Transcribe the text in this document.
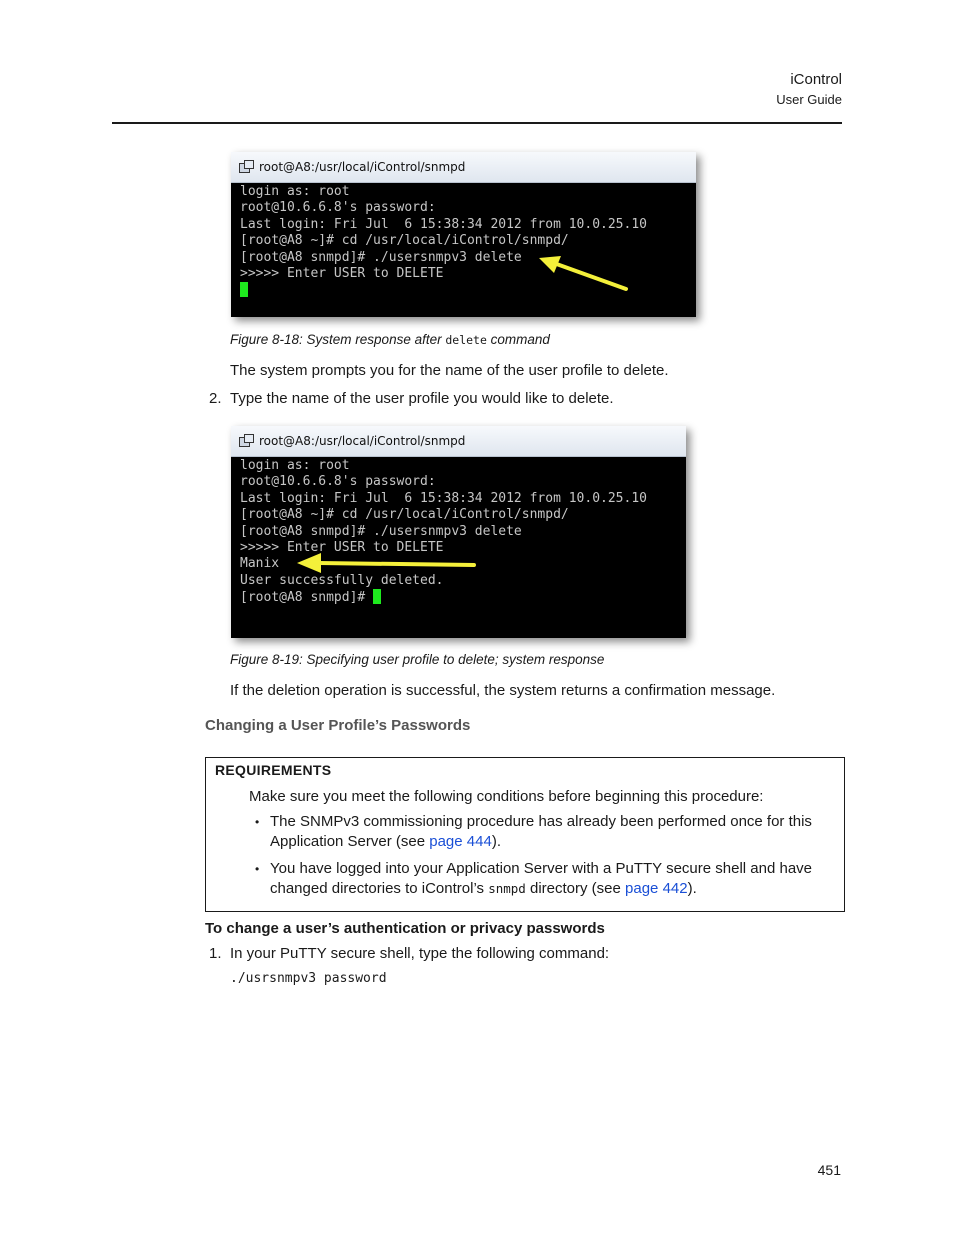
iControl
User Guide
root@A8:/usr/local/iControl/snmpd
login as: root
root@10.6.6.8's password:
Last login: Fri Jul  6 15:38:34 2012 from 10.0.25.10
[root@A8 ~]# cd /usr/local/iControl/snmpd/
[root@A8 snmpd]# ./usersnmpv3 delete
>>>>> Enter USER to DELETE
Figure 8-18: System response after delete command
The system prompts you for the name of the user profile to delete.
2. Type the name of the user profile you would like to delete.
root@A8:/usr/local/iControl/snmpd
login as: root
root@10.6.6.8's password:
Last login: Fri Jul  6 15:38:34 2012 from 10.0.25.10
[root@A8 ~]# cd /usr/local/iControl/snmpd/
[root@A8 snmpd]# ./usersnmpv3 delete
>>>>> Enter USER to DELETE
Manix
User successfully deleted.
[root@A8 snmpd]#
Figure 8-19: Specifying user profile to delete; system response
If the deletion operation is successful, the system returns a confirmation message.
Changing a User Profile’s Passwords
REQUIREMENTS
Make sure you meet the following conditions before beginning this procedure:
• The SNMPv3 commissioning procedure has already been performed once for this
Application Server (see page 444).
• You have logged into your Application Server with a PuTTY secure shell and have
changed directories to iControl’s snmpd directory (see page 442).
To change a user’s authentication or privacy passwords
1. In your PuTTY secure shell, type the following command:
./usrsnmpv3 password
451
